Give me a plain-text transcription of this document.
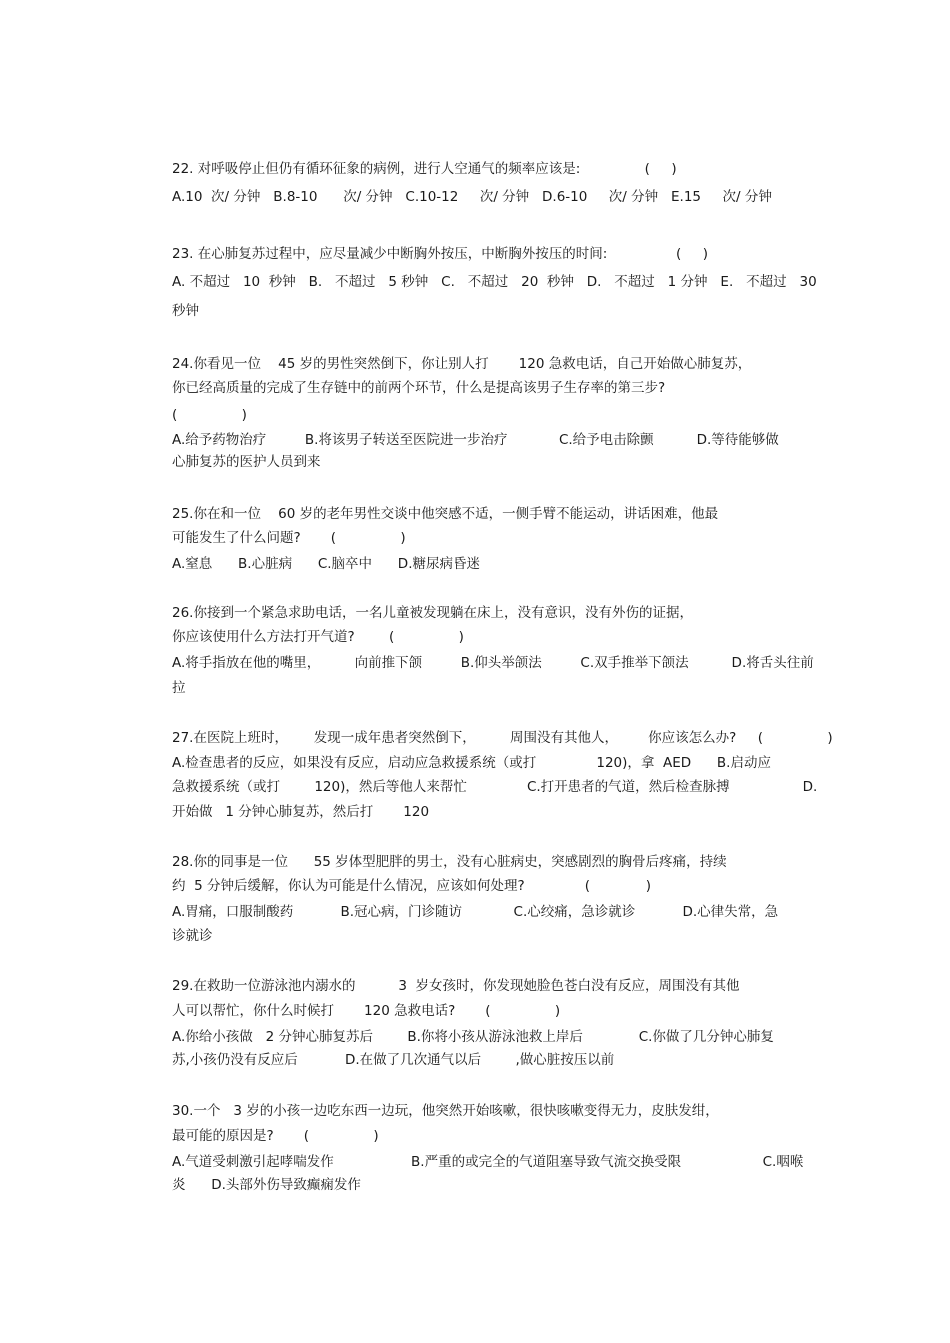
22. 对呼吸停止但仍有循环征象的病例，进行人空通气的频率应该是:               (     )
A.10  次/ 分钟   B.8-10      次/ 分钟   C.10-12     次/ 分钟   D.6-10     次/ 分钟   E.15     次/ 分钟
23. 在心肺复苏过程中，应尽量减少中断胸外按压，中断胸外按压的时间:                (     )
A. 不超过   10  秒钟   B.   不超过   5 秒钟   C.   不超过   20  秒钟   D.   不超过   1 分钟   E.   不超过   30
秒钟
24.你看见一位    45 岁的男性突然倒下，你让别人打       120 急救电话，自己开始做心肺复苏，
你已经高质量的完成了生存链中的前两个环节，什么是提高该男子生存率的第三步?
(               )
A.给予药物治疗         B.将该男子转送至医院进一步治疗            C.给予电击除颤          D.等待能够做
心肺复苏的医护人员到来
25.你在和一位    60 岁的老年男性交谈中他突感不适，一侧手臂不能运动，讲话困难，他最
可能发生了什么问题?       (               )
A.窒息      B.心脏病      C.脑卒中      D.糖尿病昏迷
26.你接到一个紧急求助电话，一名儿童被发现躺在床上，没有意识，没有外伤的证据，
你应该使用什么方法打开气道?        (               )
A.将手指放在他的嘴里，        向前推下颌         B.仰头举颌法         C.双手推举下颌法          D.将舌头往前
拉
27.在医院上班时，      发现一成年患者突然倒下，        周围没有其他人，       你应该怎么办?     (               )
A.检查患者的反应，如果没有反应，启动应急救援系统（或打              120)，拿  AED      B.启动应
急救援系统（或打        120)，然后等他人来帮忙              C.打开患者的气道，然后检查脉搏                 D.
开始做   1 分钟心肺复苏，然后打       120
28.你的同事是一位      55 岁体型肥胖的男士，没有心脏病史，突感剧烈的胸骨后疼痛，持续
约  5 分钟后缓解，你认为可能是什么情况，应该如何处理?              (             )
A.胃痛，口服制酸药           B.冠心病，门诊随访            C.心绞痛，急诊就诊           D.心律失常，急
诊就诊
29.在救助一位游泳池内溺水的          3  岁女孩时，你发现她脸色苍白没有反应，周围没有其他
人可以帮忙，你什么时候打       120 急救电话?       (               )
A.你给小孩做   2 分钟心肺复苏后        B.你将小孩从游泳池救上岸后             C.你做了几分钟心肺复
苏,小孩仍没有反应后           D.在做了几次通气以后        ,做心脏按压以前
30.一个   3 岁的小孩一边吃东西一边玩，他突然开始咳嗽，很快咳嗽变得无力，皮肤发绀，
最可能的原因是?       (               )
A.气道受刺激引起哮喘发作                  B.严重的或完全的气道阻塞导致气流交换受限                   C.咽喉
炎      D.头部外伤导致癫痫发作
